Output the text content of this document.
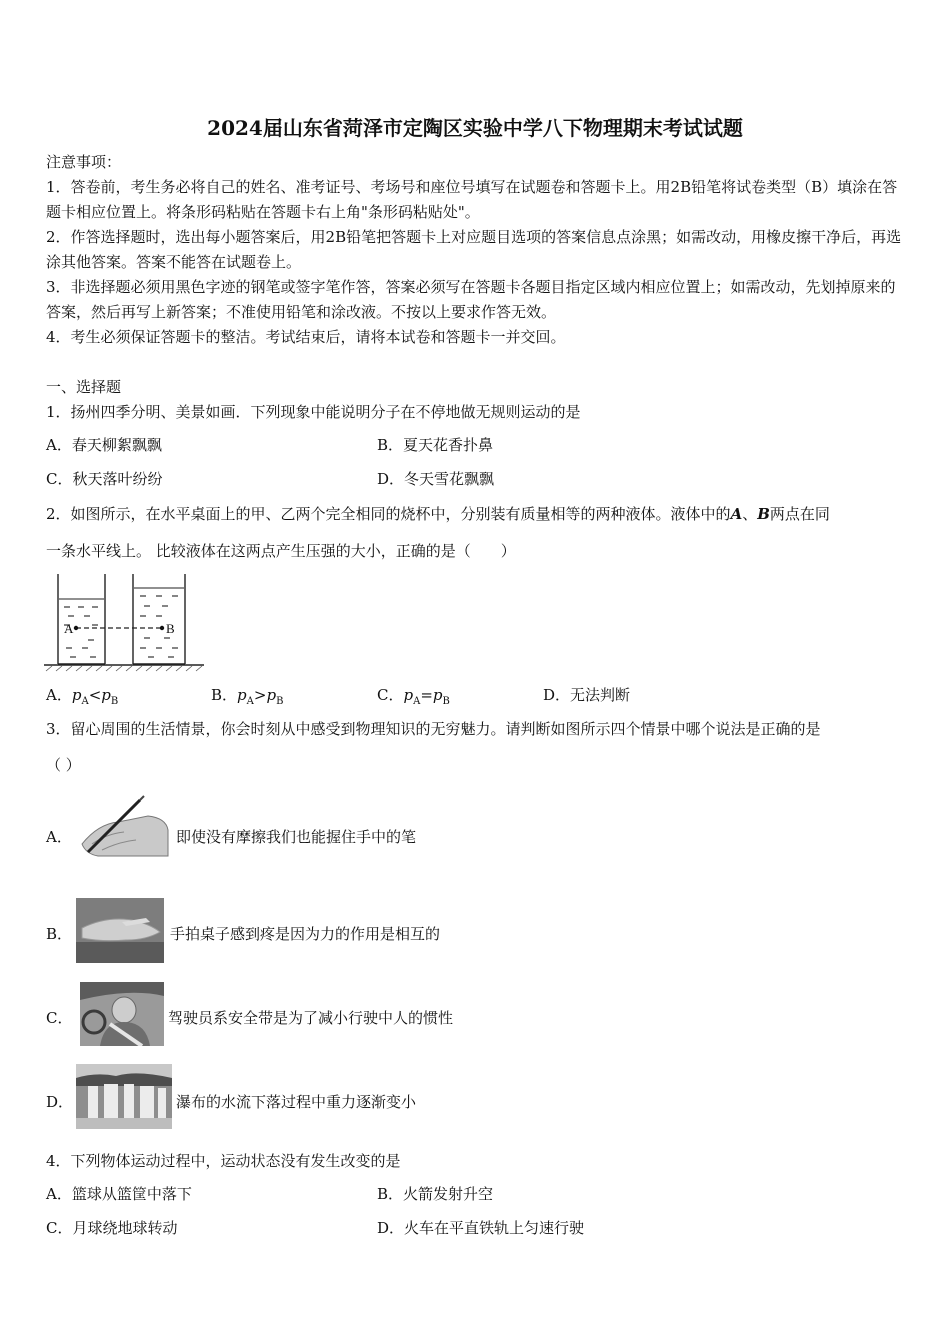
2024届山东省菏泽市定陶区实验中学八下物理期末考试试题

注意事项：

1．答卷前，考生务必将自己的姓名、准考证号、考场号和座位号填写在试题卷和答题卡上。用2B铅笔将试卷类型（B）填涂在答题卡相应位置上。将条形码粘贴在答题卡右上角"条形码粘贴处"。

2．作答选择题时，选出每小题答案后，用2B铅笔把答题卡上对应题目选项的答案信息点涂黑；如需改动，用橡皮擦干净后，再选涂其他答案。答案不能答在试题卷上。

3．非选择题必须用黑色字迹的钢笔或签字笔作答，答案必须写在答题卡各题目指定区域内相应位置上；如需改动，先划掉原来的答案，然后再写上新答案；不准使用铅笔和涂改液。不按以上要求作答无效。

4．考生必须保证答题卡的整洁。考试结束后，请将本试卷和答题卡一并交回。

一、选择题
1．扬州四季分明、美景如画．下列现象中能说明分子在不停地做无规则运动的是
A．春天柳絮飘飘	B．夏天花香扑鼻
C．秋天落叶纷纷	D．冬天雪花飘飘
2．如图所示，在水平桌面上的甲、乙两个完全相同的烧杯中，分别装有质量相等的两种液体。液体中的A、B两点在同
一条水平线上。 比较液体在这两点产生压强的大小，正确的是（　　）
A	B
A．$p_A<p_B$	B．$p_A>p_B$	C．$p_A=p_B$	D．无法判断
3．留心周围的生活情景，你会时刻从中感受到物理知识的无穷魅力。请判断如图所示四个情景中哪个说法是正确的是
（ ）
A．	即使没有摩擦我们也能握住手中的笔
B．	手拍桌子感到疼是因为力的作用是相互的
C．	驾驶员系安全带是为了减小行驶中人的惯性
D．	瀑布的水流下落过程中重力逐渐变小
4．下列物体运动过程中，运动状态没有发生改变的是
A．篮球从篮筐中落下	B．火箭发射升空
C．月球绕地球转动	D．火车在平直铁轨上匀速行驶
